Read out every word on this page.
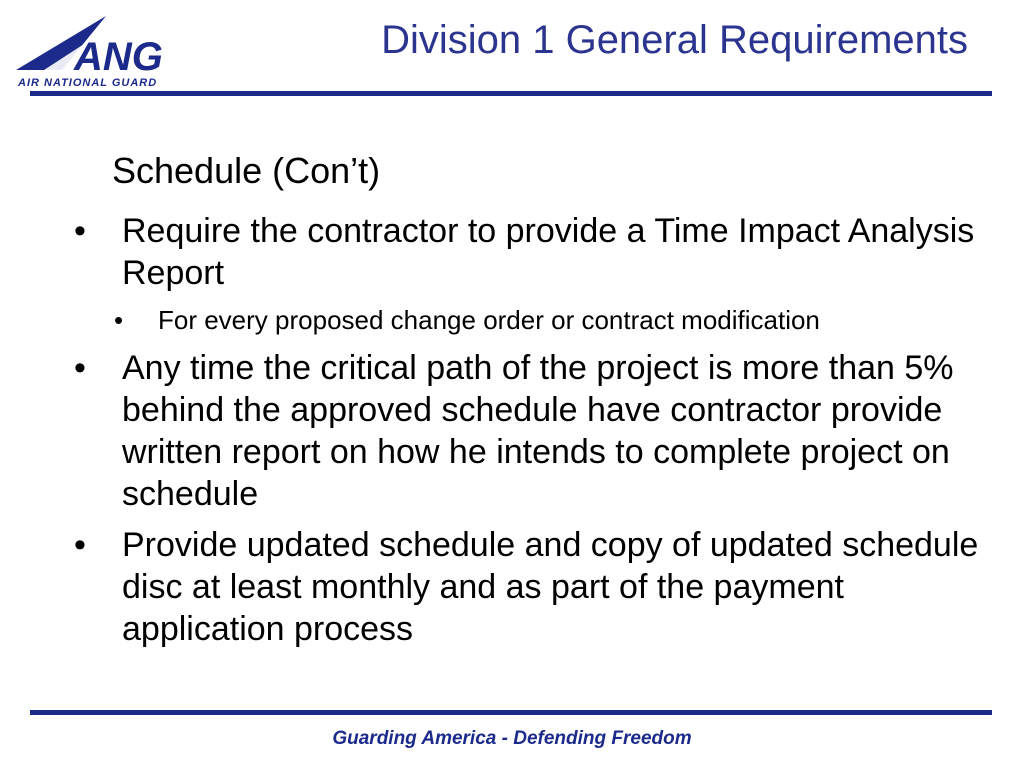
ANG
AIR NATIONAL GUARD
Division 1 General Requirements
Schedule (Con’t)
• Require the contractor to provide a Time Impact Analysis Report
• For every proposed change order or contract modification
• Any time the critical path of the project is more than 5% behind the approved schedule have contractor provide written report on how he intends to complete project on schedule
• Provide updated schedule and copy of updated schedule disc at least monthly and as part of the payment application process
Guarding America - Defending Freedom
